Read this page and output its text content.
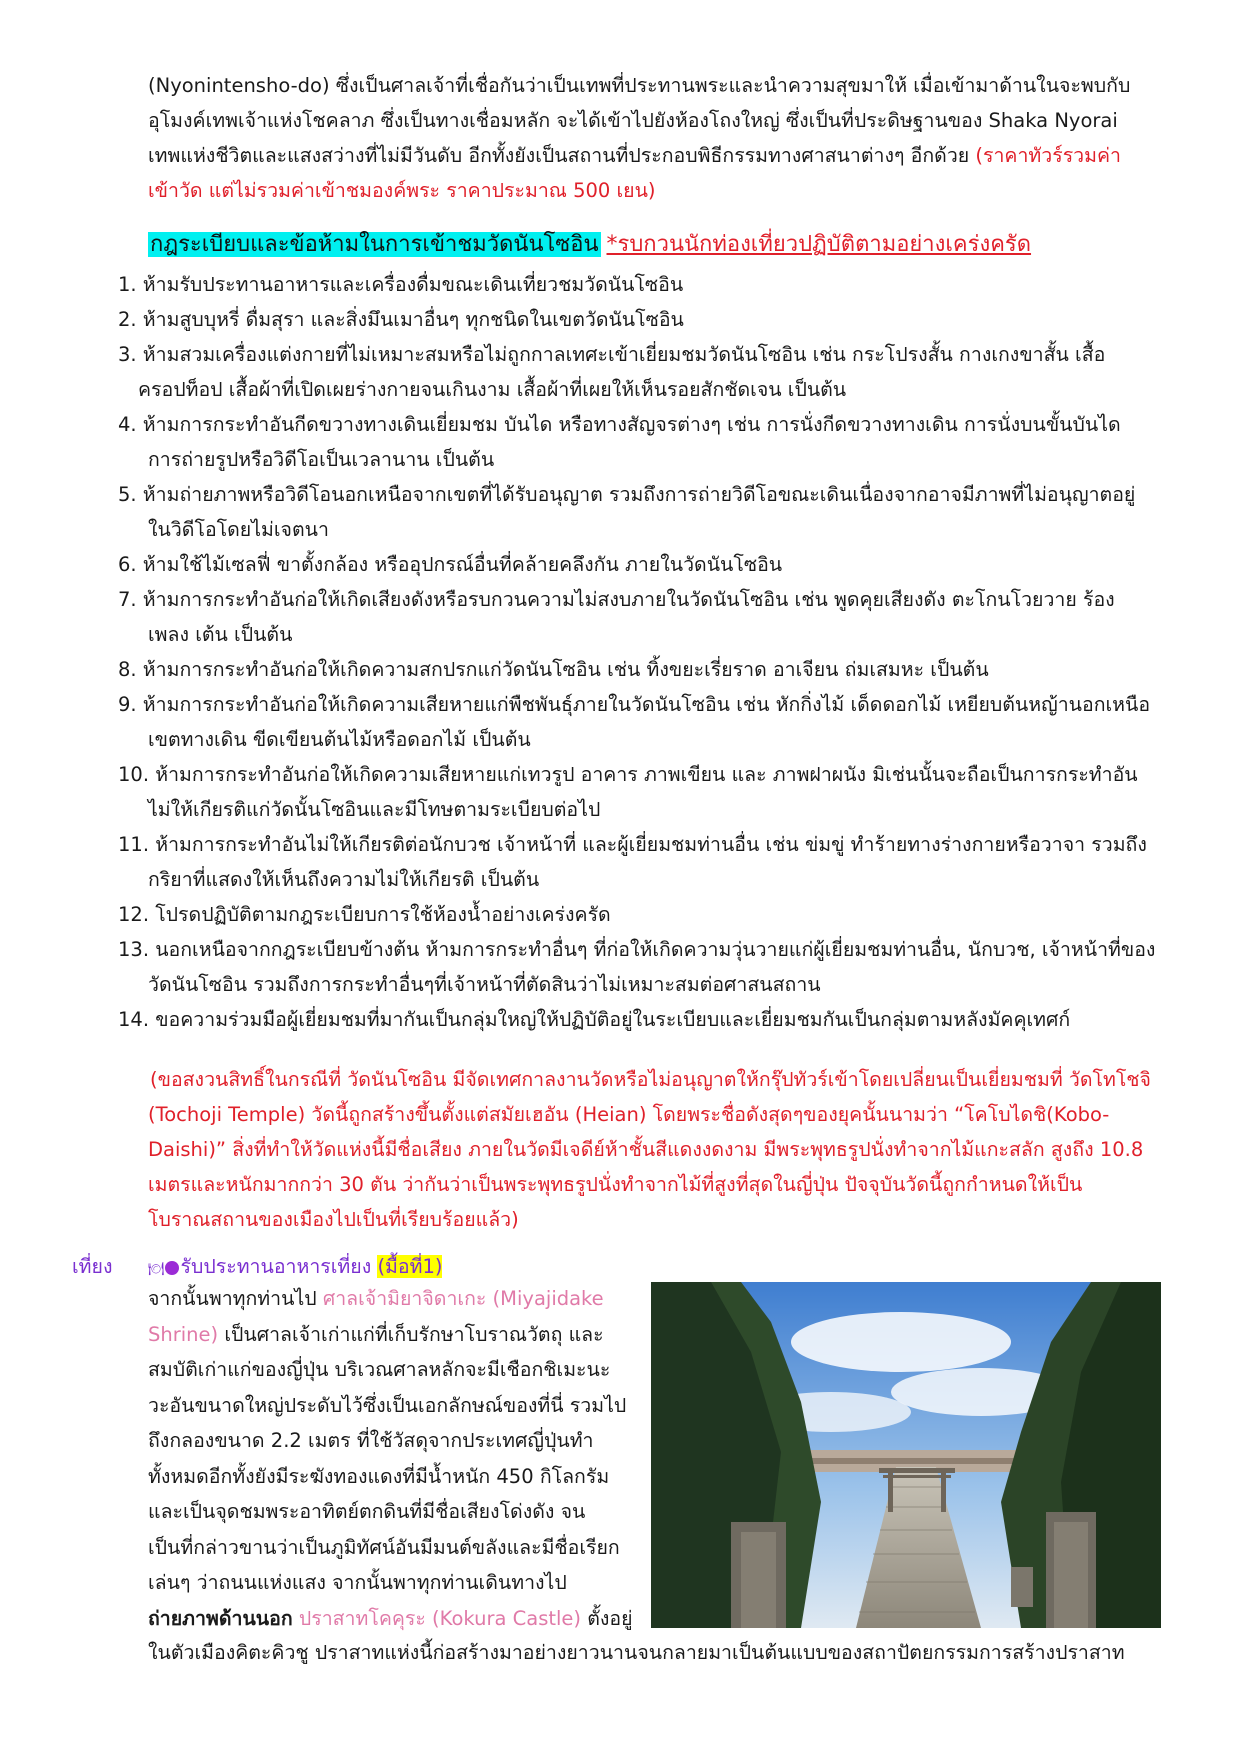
(Nyonintensho-do) ซึ่งเป็นศาลเจ้าที่เชื่อกันว่าเป็นเทพที่ประทานพระและนำความสุขมาให้ เมื่อเข้ามาด้านในจะพบกับ
อุโมงค์เทพเจ้าแห่งโชคลาภ ซึ่งเป็นทางเชื่อมหลัก จะได้เข้าไปยังห้องโถงใหญ่ ซึ่งเป็นที่ประดิษฐานของ Shaka Nyorai
เทพแห่งชีวิตและแสงสว่างที่ไม่มีวันดับ อีกทั้งยังเป็นสถานที่ประกอบพิธีกรรมทางศาสนาต่างๆ อีกด้วย (ราคาทัวร์รวมค่า
เข้าวัด แต่ไม่รวมค่าเข้าชมองค์พระ ราคาประมาณ 500 เยน)
กฎระเบียบและข้อห้ามในการเข้าชมวัดนันโซอิน *รบกวนนักท่องเที่ยวปฏิบัติตามอย่างเคร่งครัด
1. ห้ามรับประทานอาหารและเครื่องดื่มขณะเดินเที่ยวชมวัดนันโซอิน
2. ห้ามสูบบุหรี่ ดื่มสุรา และสิ่งมึนเมาอื่นๆ ทุกชนิดในเขตวัดนันโซอิน
3. ห้ามสวมเครื่องแต่งกายที่ไม่เหมาะสมหรือไม่ถูกกาลเทศะเข้าเยี่ยมชมวัดนันโซอิน เช่น กระโปรงสั้น กางเกงขาสั้น เสื้อ
ครอปท็อป เสื้อผ้าที่เปิดเผยร่างกายจนเกินงาม เสื้อผ้าที่เผยให้เห็นรอยสักชัดเจน เป็นต้น
4. ห้ามการกระทำอันกีดขวางทางเดินเยี่ยมชม บันได หรือทางสัญจรต่างๆ เช่น การนั่งกีดขวางทางเดิน การนั่งบนขั้นบันได
การถ่ายรูปหรือวิดีโอเป็นเวลานาน เป็นต้น
5. ห้ามถ่ายภาพหรือวิดีโอนอกเหนือจากเขตที่ได้รับอนุญาต รวมถึงการถ่ายวิดีโอขณะเดินเนื่องจากอาจมีภาพที่ไม่อนุญาตอยู่
ในวิดีโอโดยไม่เจตนา
6. ห้ามใช้ไม้เซลฟี่ ขาตั้งกล้อง หรืออุปกรณ์อื่นที่คล้ายคลึงกัน ภายในวัดนันโซอิน
7. ห้ามการกระทำอันก่อให้เกิดเสียงดังหรือรบกวนความไม่สงบภายในวัดนันโซอิน เช่น พูดคุยเสียงดัง ตะโกนโวยวาย ร้อง
เพลง เต้น เป็นต้น
8. ห้ามการกระทำอันก่อให้เกิดความสกปรกแก่วัดนันโซอิน เช่น ทิ้งขยะเรี่ยราด อาเจียน ถ่มเสมหะ เป็นต้น
9. ห้ามการกระทำอันก่อให้เกิดความเสียหายแก่พืชพันธุ์ภายในวัดนันโซอิน เช่น หักกิ่งไม้ เด็ดดอกไม้ เหยียบต้นหญ้านอกเหนือ
เขตทางเดิน ขีดเขียนต้นไม้หรือดอกไม้ เป็นต้น
10. ห้ามการกระทำอันก่อให้เกิดความเสียหายแก่เทวรูป อาคาร ภาพเขียน และ ภาพฝาผนัง มิเช่นนั้นจะถือเป็นการกระทำอัน
ไม่ให้เกียรติแก่วัดนั้นโซอินและมีโทษตามระเบียบต่อไป
11. ห้ามการกระทำอันไม่ให้เกียรติต่อนักบวช เจ้าหน้าที่ และผู้เยี่ยมชมท่านอื่น เช่น ข่มขู่ ทำร้ายทางร่างกายหรือวาจา รวมถึง
กริยาที่แสดงให้เห็นถึงความไม่ให้เกียรติ เป็นต้น
12. โปรดปฏิบัติตามกฎระเบียบการใช้ห้องน้ำอย่างเคร่งครัด
13. นอกเหนือจากกฎระเบียบข้างต้น ห้ามการกระทำอื่นๆ ที่ก่อให้เกิดความวุ่นวายแก่ผู้เยี่ยมชมท่านอื่น, นักบวช, เจ้าหน้าที่ของ
วัดนันโซอิน รวมถึงการกระทำอื่นๆที่เจ้าหน้าที่ตัดสินว่าไม่เหมาะสมต่อศาสนสถาน
14. ขอความร่วมมือผู้เยี่ยมชมที่มากันเป็นกลุ่มใหญ่ให้ปฏิบัติอยู่ในระเบียบและเยี่ยมชมกันเป็นกลุ่มตามหลังมัคคุเทศก์
(ขอสงวนสิทธิ์ในกรณีที่ วัดนันโซอิน มีจัดเทศกาลงานวัดหรือไม่อนุญาตให้กรุ๊ปทัวร์เข้าโดยเปลี่ยนเป็นเยี่ยมชมที่ วัดโทโชจิ
(Tochoji Temple) วัดนี้ถูกสร้างขึ้นตั้งแต่สมัยเฮอัน (Heian) โดยพระชื่อดังสุดๆของยุคนั้นนามว่า “โคโบไดชิ(Kobo-
Daishi)” สิ่งที่ทำให้วัดแห่งนี้มีชื่อเสียง ภายในวัดมีเจดีย์ห้าชั้นสีแดงงดงาม มีพระพุทธรูปนั่งทำจากไม้แกะสลัก สูงถึง 10.8
เมตรและหนักมากกว่า 30 ตัน ว่ากันว่าเป็นพระพุทธรูปนั่งทำจากไม้ที่สูงที่สุดในญี่ปุ่น ปัจจุบันวัดนี้ถูกกำหนดให้เป็น
โบราณสถานของเมืองไปเป็นที่เรียบร้อยแล้ว)
เที่ยง	🍽 รับประทานอาหารเที่ยง (มื้อที่1)
จากนั้นพาทุกท่านไป ศาลเจ้ามิยาจิดาเกะ (Miyajidake
Shrine) เป็นศาลเจ้าเก่าแก่ที่เก็บรักษาโบราณวัตถุ และ
สมบัติเก่าแก่ของญี่ปุ่น บริเวณศาลหลักจะมีเชือกชิเมะนะ
วะอันขนาดใหญ่ประดับไว้ซึ่งเป็นเอกลักษณ์ของที่นี่ รวมไป
ถึงกลองขนาด 2.2 เมตร ที่ใช้วัสดุจากประเทศญี่ปุ่นทำ
ทั้งหมดอีกทั้งยังมีระฆังทองแดงที่มีน้ำหนัก 450 กิโลกรัม
และเป็นจุดชมพระอาทิตย์ตกดินที่มีชื่อเสียงโด่งดัง จน
เป็นที่กล่าวขานว่าเป็นภูมิทัศน์อันมีมนต์ขลังและมีชื่อเรียก
เล่นๆ ว่าถนนแห่งแสง จากนั้นพาทุกท่านเดินทางไป
ถ่ายภาพด้านนอก ปราสาทโคคุระ (Kokura Castle) ตั้งอยู่
ในตัวเมืองคิตะคิวชู ปราสาทแห่งนี้ก่อสร้างมาอย่างยาวนานจนกลายมาเป็นต้นแบบของสถาปัตยกรรมการสร้างปราสาท
